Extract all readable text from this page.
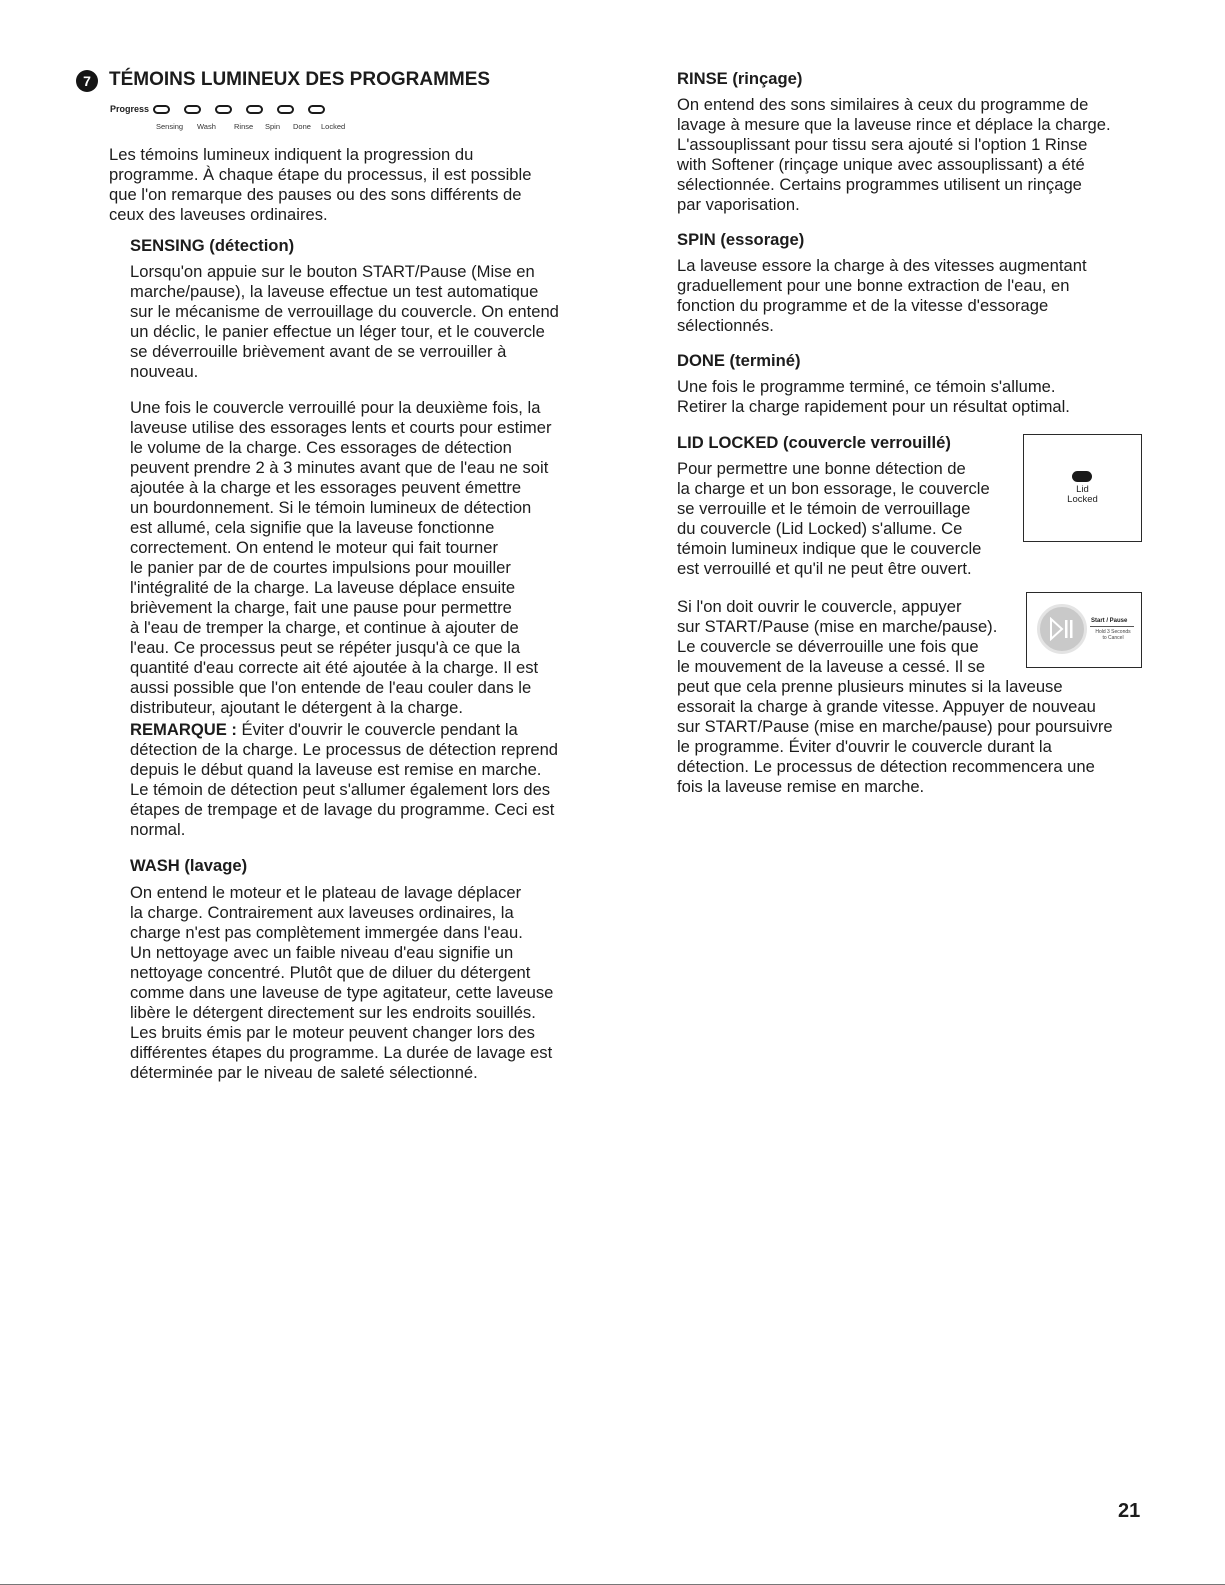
7 TÉMOINS LUMINEUX DES PROGRAMMES
Progress
Sensing Wash Rinse Spin Done Locked

Les témoins lumineux indiquent la progression du
programme. À chaque étape du processus, il est possible
que l'on remarque des pauses ou des sons différents de
ceux des laveuses ordinaires.

SENSING (détection)

Lorsqu'on appuie sur le bouton START/Pause (Mise en
marche/pause), la laveuse effectue un test automatique
sur le mécanisme de verrouillage du couvercle. On entend
un déclic, le panier effectue un léger tour, et le couvercle
se déverrouille brièvement avant de se verrouiller à
nouveau.

Une fois le couvercle verrouillé pour la deuxième fois, la
laveuse utilise des essorages lents et courts pour estimer
le volume de la charge. Ces essorages de détection
peuvent prendre 2 à 3 minutes avant que de l'eau ne soit
ajoutée à la charge et les essorages peuvent émettre
un bourdonnement. Si le témoin lumineux de détection
est allumé, cela signifie que la laveuse fonctionne
correctement. On entend le moteur qui fait tourner
le panier par de de courtes impulsions pour mouiller
l'intégralité de la charge. La laveuse déplace ensuite
brièvement la charge, fait une pause pour permettre
à l'eau de tremper la charge, et continue à ajouter de
l'eau. Ce processus peut se répéter jusqu'à ce que la
quantité d'eau correcte ait été ajoutée à la charge. Il est
aussi possible que l'on entende de l'eau couler dans le
distributeur, ajoutant le détergent à la charge.

REMARQUE : Éviter d'ouvrir le couvercle pendant la

détection de la charge. Le processus de détection reprend
depuis le début quand la laveuse est remise en marche.
Le témoin de détection peut s'allumer également lors des
étapes de trempage et de lavage du programme. Ceci est
normal.

WASH (lavage)

On entend le moteur et le plateau de lavage déplacer
la charge. Contrairement aux laveuses ordinaires, la
charge n'est pas complètement immergée dans l'eau.
Un nettoyage avec un faible niveau d'eau signifie un
nettoyage concentré. Plutôt que de diluer du détergent
comme dans une laveuse de type agitateur, cette laveuse
libère le détergent directement sur les endroits souillés.
Les bruits émis par le moteur peuvent changer lors des
différentes étapes du programme. La durée de lavage est
déterminée par le niveau de saleté sélectionné.

RINSE (rinçage)

On entend des sons similaires à ceux du programme de
lavage à mesure que la laveuse rince et déplace la charge.
L'assouplissant pour tissu sera ajouté si l'option 1 Rinse
with Softener (rinçage unique avec assouplissant) a été
sélectionnée. Certains programmes utilisent un rinçage
par vaporisation.

SPIN (essorage)

La laveuse essore la charge à des vitesses augmentant
graduellement pour une bonne extraction de l'eau, en
fonction du programme et de la vitesse d'essorage
sélectionnés.

DONE (terminé)

Une fois le programme terminé, ce témoin s'allume.
Retirer la charge rapidement pour un résultat optimal.

LID LOCKED (couvercle verrouillé)

Pour permettre une bonne détection de
la charge et un bon essorage, le couvercle
se verrouille et le témoin de verrouillage
du couvercle (Lid Locked) s'allume. Ce
témoin lumineux indique que le couvercle
est verrouillé et qu'il ne peut être ouvert.

Lid
Locked

Si l'on doit ouvrir le couvercle, appuyer
sur START/Pause (mise en marche/pause).
Le couvercle se déverrouille une fois que
le mouvement de la laveuse a cessé. Il se

peut que cela prenne plusieurs minutes si la laveuse
essorait la charge à grande vitesse. Appuyer de nouveau
sur START/Pause (mise en marche/pause) pour poursuivre
le programme. Éviter d'ouvrir le couvercle durant la
détection. Le processus de détection recommencera une
fois la laveuse remise en marche.

Start / Pause
Hold 3 Seconds
to Cancel

21
